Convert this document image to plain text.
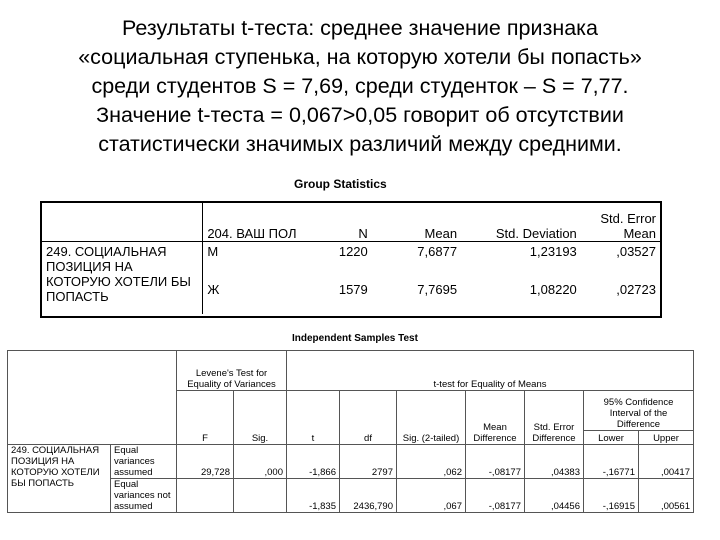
Результаты t-теста: среднее значение признака
«социальная ступенька, на которую хотели бы попасть»
среди студентов S = 7,69, среди студенток – S = 7,77.
Значение t-теста = 0,067>0,05 говорит об отсутствии
статистически значимых различий между средними.
Group Statistics
	204. ВАШ ПОЛ	N	Mean	Std. Deviation	Std. Error Mean
249. СОЦИАЛЬНАЯ ПОЗИЦИЯ НА КОТОРУЮ ХОТЕЛИ БЫ ПОПАСТЬ	М	1220	7,6877	1,23193	,03527
	Ж	1579	7,7695	1,08220	,02723
Independent Samples Test
		Levene's Test for Equality of Variances		t-test for Equality of Means						
		F	Sig.	t	df	Sig. (2-tailed)	Mean Difference	Std. Error Difference	95% Confidence Interval of the Difference	
									Lower	Upper
249. СОЦИАЛЬНАЯ ПОЗИЦИЯ НА КОТОРУЮ ХОТЕЛИ БЫ ПОПАСТЬ	Equal variances assumed	29,728	,000	-1,866	2797	,062	-,08177	,04383	-,16771	,00417
	Equal variances not assumed			-1,835	2436,790	,067	-,08177	,04456	-,16915	,00561
